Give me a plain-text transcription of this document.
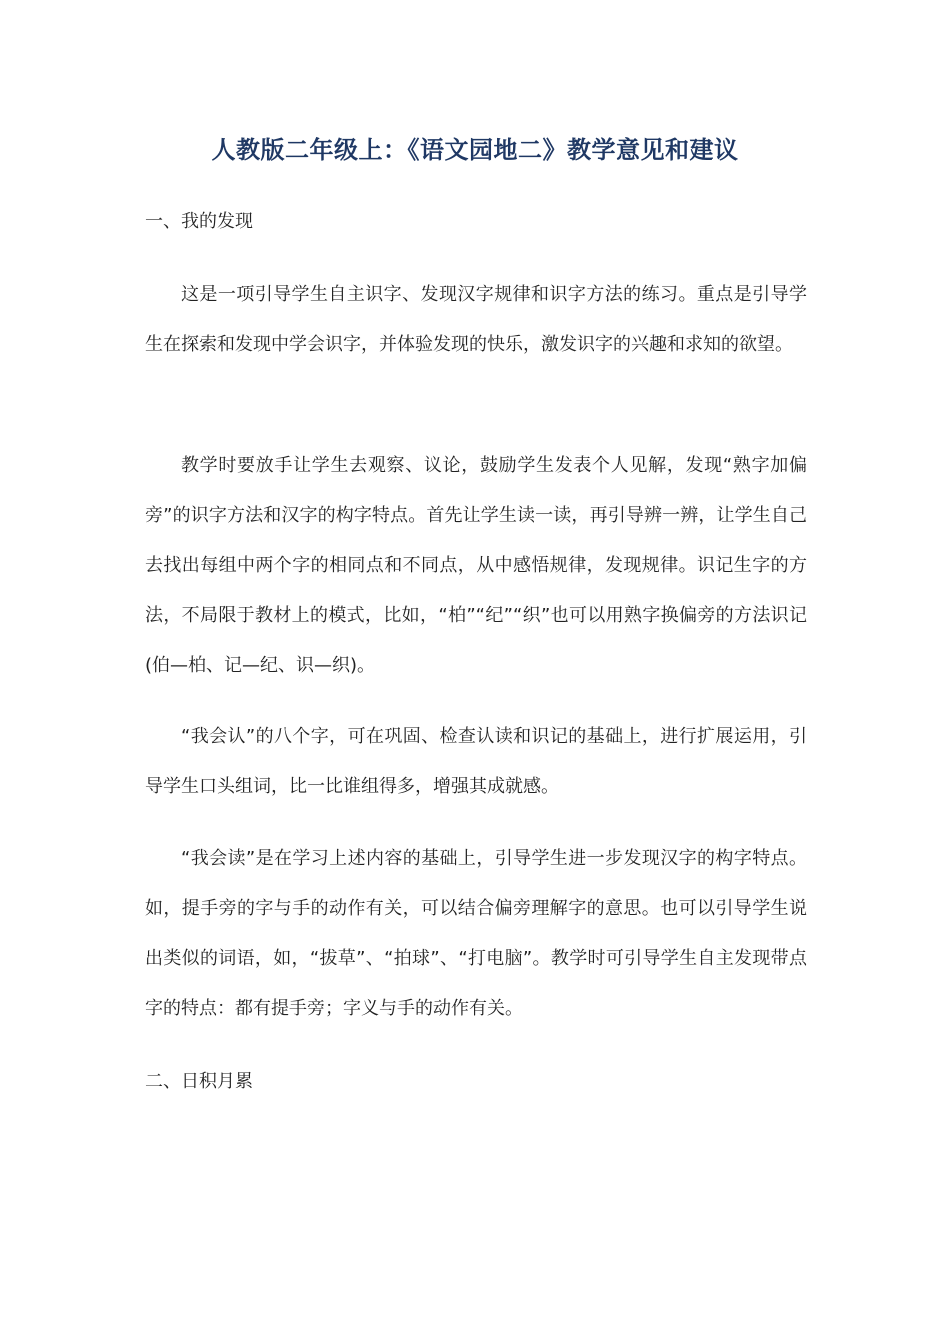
人教版二年级上：《语文园地二》教学意见和建议
一、我的发现

这是一项引导学生自主识字、发现汉字规律和识字方法的练习。重点是引导学生在探索和发现中学会识字，并体验发现的快乐，激发识字的兴趣和求知的欲望。

教学时要放手让学生去观察、议论，鼓励学生发表个人见解，发现“熟字加偏旁”的识字方法和汉字的构字特点。首先让学生读一读，再引导辨一辨，让学生自己去找出每组中两个字的相同点和不同点，从中感悟规律，发现规律。识记生字的方法，不局限于教材上的模式，比如，“柏”“纪”“织”也可以用熟字换偏旁的方法识记(伯—柏、记—纪、识—织)。

“我会认”的八个字，可在巩固、检查认读和识记的基础上，进行扩展运用，引导学生口头组词，比一比谁组得多，增强其成就感。

“我会读”是在学习上述内容的基础上，引导学生进一步发现汉字的构字特点。如，提手旁的字与手的动作有关，可以结合偏旁理解字的意思。也可以引导学生说出类似的词语，如，“拔草”、“拍球”、“打电脑”。教学时可引导学生自主发现带点字的特点：都有提手旁；字义与手的动作有关。

二、日积月累
